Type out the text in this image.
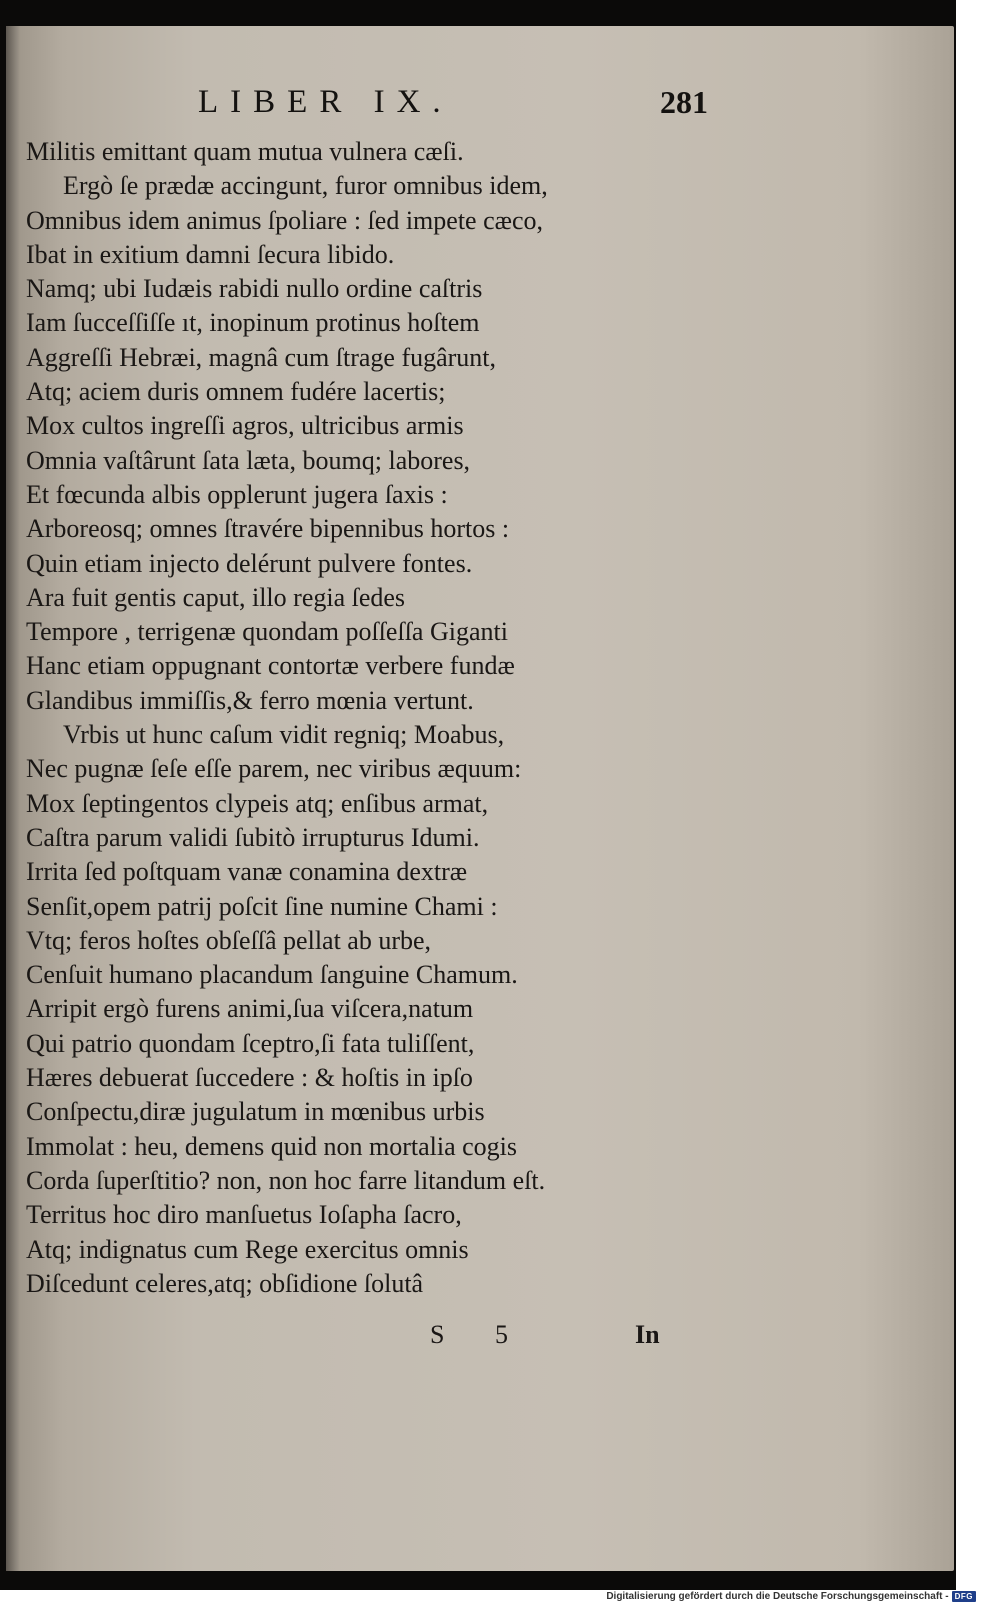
LIBER IX.	281
Militis emittant quam mutua vulnera cæſi.
Ergò ſe prædæ accingunt, furor omnibus idem,
Omnibus idem animus ſpoliare : ſed impete cæco,
Ibat in exitium damni ſecura libido.
Namq; ubi Iudæis rabidi nullo ordine caſtris
Iam ſucceſſiſſe ıt, inopinum protinus hoſtem
Aggreſſi Hebræi, magnâ cum ſtrage fugârunt,
Atq; aciem duris omnem fudére lacertis;
Mox cultos ingreſſi agros, ultricibus armis
Omnia vaſtârunt ſata læta, boumq; labores,
Et fœcunda albis opplerunt jugera ſaxis :
Arboreosq; omnes ſtravére bipennibus hortos :
Quin etiam injecto delérunt pulvere fontes.
Ara fuit gentis caput, illo regia ſedes
Tempore , terrigenæ quondam poſſeſſa Giganti
Hanc etiam oppugnant contortæ verbere fundæ
Glandibus immiſſis,& ferro mœnia vertunt.
Vrbis ut hunc caſum vidit regniq; Moabus,
Nec pugnæ ſeſe eſſe parem, nec viribus æquum:
Mox ſeptingentos clypeis atq; enſibus armat,
Caſtra parum validi ſubitò irrupturus Idumi.
Irrita ſed poſtquam vanæ conamina dextræ
Senſit,opem patrij poſcit ſine numine Chami :
Vtq; feros hoſtes obſeſſâ pellat ab urbe,
Cenſuit humano placandum ſanguine Chamum.
Arripit ergò furens animi,ſua viſcera,natum
Qui patrio quondam ſceptro,ſi fata tuliſſent,
Hæres debuerat ſuccedere : & hoſtis in ipſo
Conſpectu,diræ jugulatum in mœnibus urbis
Immolat : heu, demens quid non mortalia cogis
Corda ſuperſtitio? non, non hoc farre litandum eſt.
Territus hoc diro manſuetus Ioſapha ſacro,
Atq; indignatus cum Rege exercitus omnis
Diſcedunt celeres,atq; obſidione ſolutâ
S 5	In
Digitalisierung gefördert durch die Deutsche Forschungsgemeinschaft - DFG
